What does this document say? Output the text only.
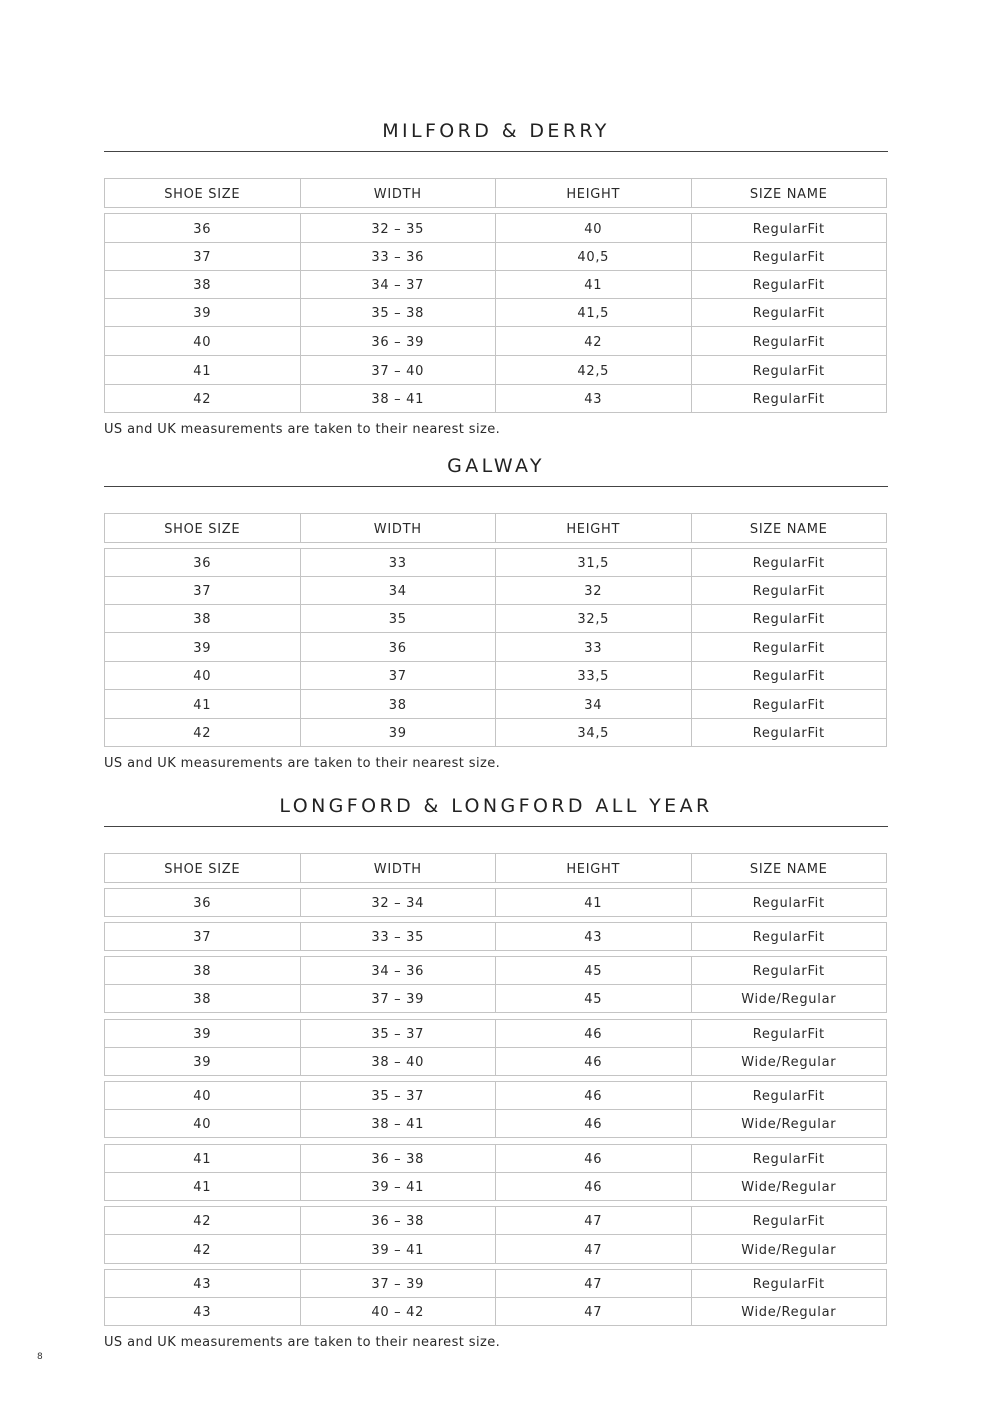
MILFORD & DERRY
SHOE SIZE	WIDTH	HEIGHT	SIZE NAME
36	32 – 35	40	RegularFit
37	33 – 36	40,5	RegularFit
38	34 – 37	41	RegularFit
39	35 – 38	41,5	RegularFit
40	36 – 39	42	RegularFit
41	37 – 40	42,5	RegularFit
42	38 – 41	43	RegularFit
US and UK measurements are taken to their nearest size.
GALWAY
SHOE SIZE	WIDTH	HEIGHT	SIZE NAME
36	33	31,5	RegularFit
37	34	32	RegularFit
38	35	32,5	RegularFit
39	36	33	RegularFit
40	37	33,5	RegularFit
41	38	34	RegularFit
42	39	34,5	RegularFit
US and UK measurements are taken to their nearest size.
LONGFORD & LONGFORD ALL YEAR
SHOE SIZE	WIDTH	HEIGHT	SIZE NAME
36	32 – 34	41	RegularFit
37	33 – 35	43	RegularFit
38	34 – 36	45	RegularFit
38	37 – 39	45	Wide/Regular
39	35 – 37	46	RegularFit
39	38 – 40	46	Wide/Regular
40	35 – 37	46	RegularFit
40	38 – 41	46	Wide/Regular
41	36 – 38	46	RegularFit
41	39 – 41	46	Wide/Regular
42	36 – 38	47	RegularFit
42	39 – 41	47	Wide/Regular
43	37 – 39	47	RegularFit
43	40 – 42	47	Wide/Regular
US and UK measurements are taken to their nearest size.
8
